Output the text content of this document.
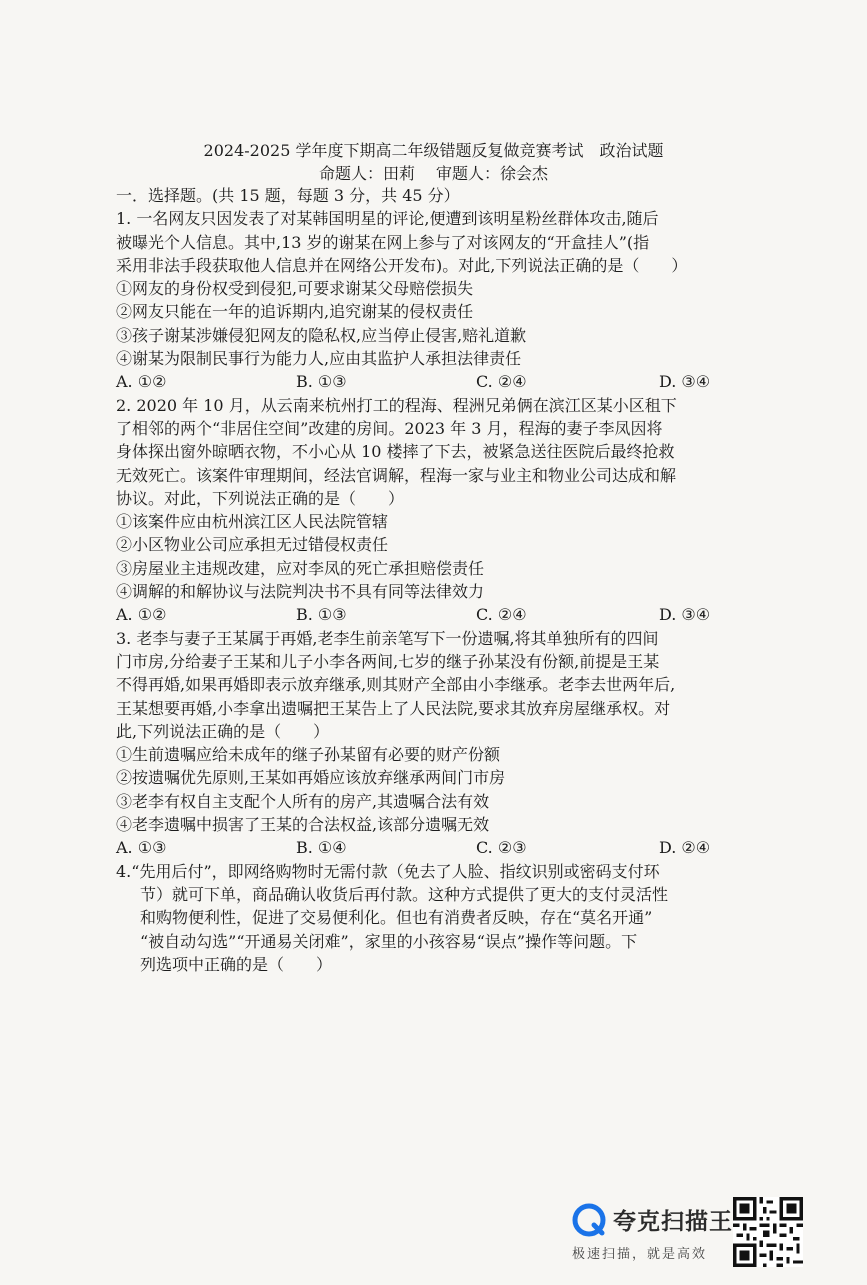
2024-2025 学年度下期高二年级错题反复做竞赛考试　政治试题
命题人：田莉　 审题人：徐会杰
一．选择题。(共 15 题，每题 3 分，共 45 分）
1. 一名网友只因发表了对某韩国明星的评论,便遭到该明星粉丝群体攻击,随后
被曝光个人信息。其中,13 岁的谢某在网上参与了对该网友的“开盒挂人”(指
采用非法手段获取他人信息并在网络公开发布)。对此,下列说法正确的是（　　）
①网友的身份权受到侵犯,可要求谢某父母赔偿损失
②网友只能在一年的追诉期内,追究谢某的侵权责任
③孩子谢某涉嫌侵犯网友的隐私权,应当停止侵害,赔礼道歉
④谢某为限制民事行为能力人,应由其监护人承担法律责任
A. ①②	B. ①③	C. ②④	D. ③④
2. 2020 年 10 月，从云南来杭州打工的程海、程洲兄弟俩在滨江区某小区租下
了相邻的两个“非居住空间”改建的房间。2023 年 3 月，程海的妻子李凤因将
身体探出窗外晾晒衣物，不小心从 10 楼摔了下去，被紧急送往医院后最终抢救
无效死亡。该案件审理期间，经法官调解，程海一家与业主和物业公司达成和解
协议。对此，下列说法正确的是（　　）
①该案件应由杭州滨江区人民法院管辖
②小区物业公司应承担无过错侵权责任
③房屋业主违规改建，应对李凤的死亡承担赔偿责任
④调解的和解协议与法院判决书不具有同等法律效力
A. ①②	B. ①③	C. ②④	D. ③④
3. 老李与妻子王某属于再婚,老李生前亲笔写下一份遗嘱,将其单独所有的四间
门市房,分给妻子王某和儿子小李各两间,七岁的继子孙某没有份额,前提是王某
不得再婚,如果再婚即表示放弃继承,则其财产全部由小李继承。老李去世两年后,
王某想要再婚,小李拿出遗嘱把王某告上了人民法院,要求其放弃房屋继承权。对
此,下列说法正确的是（　　）
①生前遗嘱应给未成年的继子孙某留有必要的财产份额
②按遗嘱优先原则,王某如再婚应该放弃继承两间门市房
③老李有权自主支配个人所有的房产,其遗嘱合法有效
④老李遗嘱中损害了王某的合法权益,该部分遗嘱无效
A. ①③	B. ①④	C. ②③	D. ②④
4.“先用后付”，即网络购物时无需付款（免去了人脸、指纹识别或密码支付环
节）就可下单，商品确认收货后再付款。这种方式提供了更大的支付灵活性
和购物便利性，促进了交易便利化。但也有消费者反映，存在“莫名开通”
“被自动勾选”“开通易关闭难”，家里的小孩容易“误点”操作等问题。下
列选项中正确的是（　　）
夸克扫描王
极速扫描，就是高效
